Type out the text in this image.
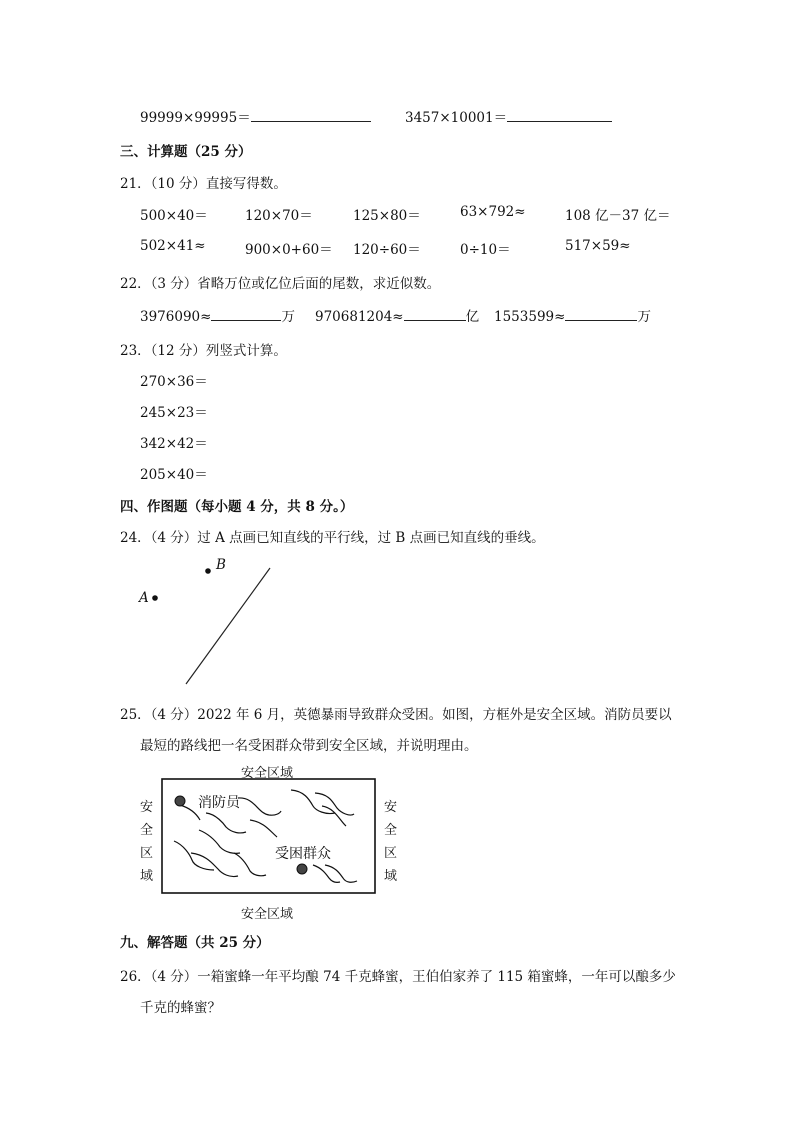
99999×99995＝	3457×10001＝
三、计算题（25 分）
21．（10 分）直接写得数。
500×40＝	120×70＝	125×80＝	63×792≈	108 亿－37 亿＝
502×41≈	900×0+60＝ 120÷60＝	0÷10＝	517×59≈
22．（3 分）省略万位或亿位后面的尾数，求近似数。
3976090≈	万 970681204≈	亿 1553599≈	万
23．（12 分）列竖式计算。
270×36＝
245×23＝
342×42＝
205×40＝
四、作图题（每小题 4 分，共 8 分。）
24．（4 分）过 A 点画已知直线的平行线，过 B 点画已知直线的垂线。
B
A
25．（4 分）2022 年 6 月，英德暴雨导致群众受困。如图，方框外是安全区域。消防员要以
最短的路线把一名受困群众带到安全区域，并说明理由。
安全区域
安全区域
安
全
区
域
安
全
区
域
消防员
受困群众
九、解答题（共 25 分）
26．（4 分）一箱蜜蜂一年平均酿 74 千克蜂蜜，王伯伯家养了 115 箱蜜蜂，一年可以酿多少
千克的蜂蜜？
